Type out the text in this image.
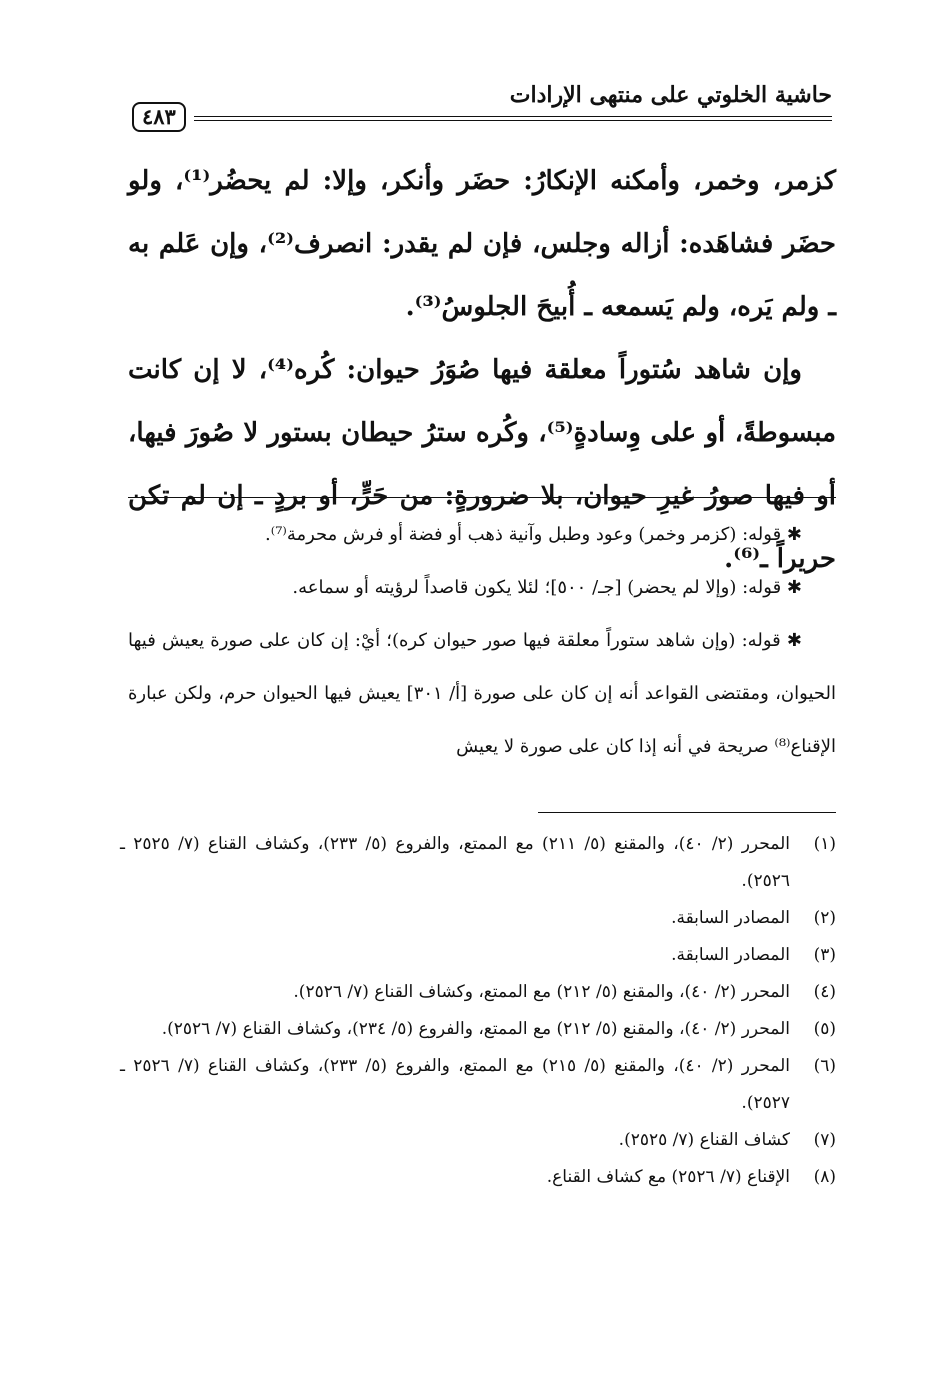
حاشية الخلوتي على منتهى الإرادات
٤٨٣

كزمر، وخمر، وأمكنه الإنكارُ: حضَر وأنكر، وإلا: لم يحضُر⁽¹⁾، ولو حضَر فشاهَده: أزاله وجلس، فإن لم يقدر: انصرف⁽²⁾، وإن عَلم به ـ ولم يَره، ولم يَسمعه ـ أُبيحَ الجلوسُ⁽³⁾.

وإن شاهد سُتوراً معلقة فيها صُوَرُ حيوان: كُره⁽⁴⁾، لا إن كانت مبسوطةً، أو على وِسادةٍ⁽⁵⁾، وكُره سترُ حيطان بستور لا صُورَ فيها، أو فيها صورُ غيرِ حيوان، بلا ضرورةٍ: من حَرٍّ، أو بردٍ ـ إن لم تكن حريراً ـ⁽⁶⁾.

✱ قوله: (كزمر وخمر) وعود وطبل وآنية ذهب أو فضة أو فرش محرمة⁽⁷⁾.

✱ قوله: (وإلا لم يحضر) [جـ/ ٥٠٠]؛ لئلا يكون قاصداً لرؤيته أو سماعه.

✱ قوله: (وإن شاهد ستوراً معلقة فيها صور حيوان كره)؛ أيْ: إن كان على صورة يعيش فيها الحيوان، ومقتضى القواعد أنه إن كان على صورة [أ/ ٣٠١] يعيش فيها الحيوان حرم، ولكن عبارة الإقناع⁽⁸⁾ صريحة في أنه إذا كان على صورة لا يعيش

(١)
المحرر (٢/ ٤٠)، والمقنع (٥/ ٢١١) مع الممتع، والفروع (٥/ ٢٣٣)، وكشاف القناع (٧/ ٢٥٢٥ ـ ٢٥٢٦).
(٢)
المصادر السابقة.
(٣)
المصادر السابقة.
(٤)
المحرر (٢/ ٤٠)، والمقنع (٥/ ٢١٢) مع الممتع، وكشاف القناع (٧/ ٢٥٢٦).
(٥)
المحرر (٢/ ٤٠)، والمقنع (٥/ ٢١٢) مع الممتع، والفروع (٥/ ٢٣٤)، وكشاف القناع (٧/ ٢٥٢٦).
(٦)
المحرر (٢/ ٤٠)، والمقنع (٥/ ٢١٥) مع الممتع، والفروع (٥/ ٢٣٣)، وكشاف القناع (٧/ ٢٥٢٦ ـ ٢٥٢٧).
(٧)
كشاف القناع (٧/ ٢٥٢٥).
(٨)
الإقناع (٧/ ٢٥٢٦) مع كشاف القناع.
